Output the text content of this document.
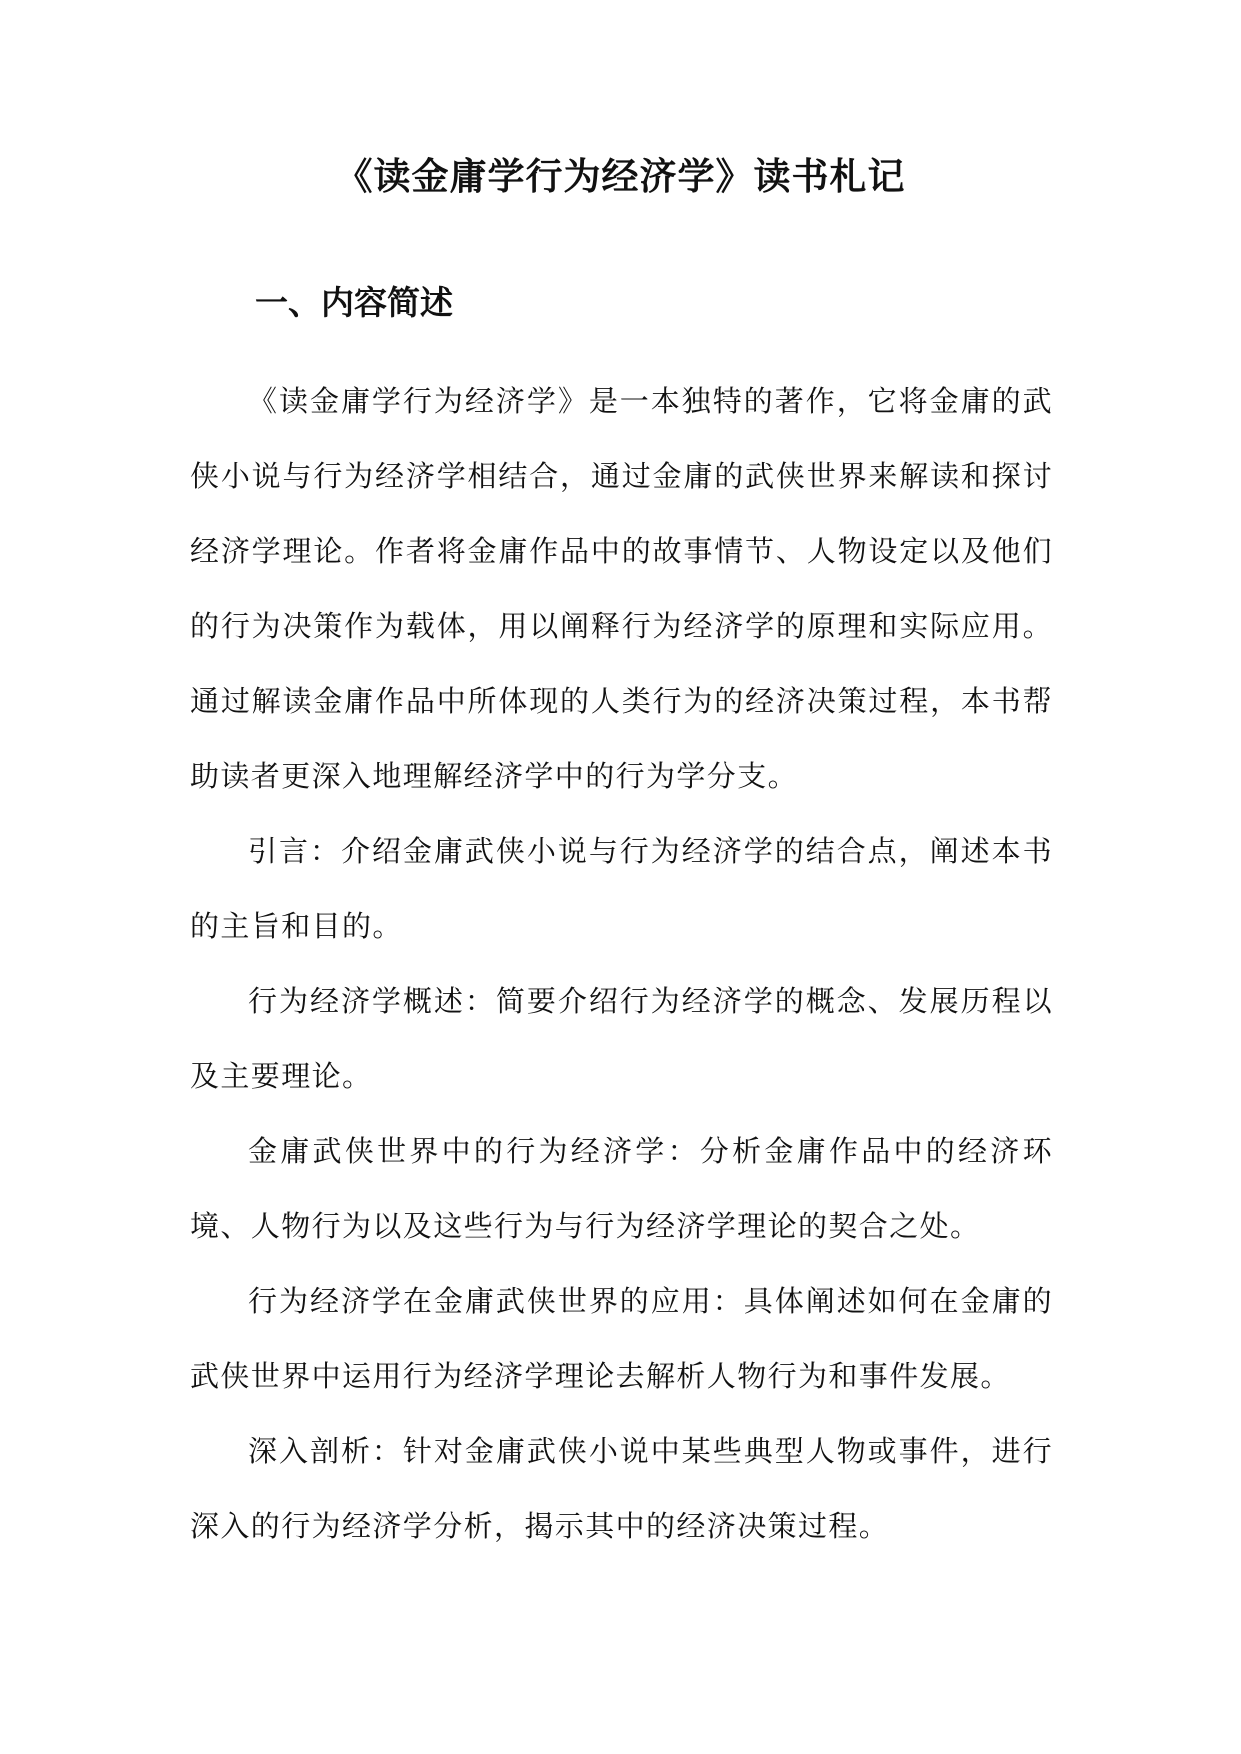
《读金庸学行为经济学》读书札记
一、内容简述

《读金庸学行为经济学》是一本独特的著作，它将金庸的武侠小说与行为经济学相结合，通过金庸的武侠世界来解读和探讨经济学理论。作者将金庸作品中的故事情节、人物设定以及他们的行为决策作为载体，用以阐释行为经济学的原理和实际应用。通过解读金庸作品中所体现的人类行为的经济决策过程，本书帮助读者更深入地理解经济学中的行为学分支。

引言：介绍金庸武侠小说与行为经济学的结合点，阐述本书的主旨和目的。

行为经济学概述：简要介绍行为经济学的概念、发展历程以及主要理论。

金庸武侠世界中的行为经济学：分析金庸作品中的经济环境、人物行为以及这些行为与行为经济学理论的契合之处。

行为经济学在金庸武侠世界的应用：具体阐述如何在金庸的武侠世界中运用行为经济学理论去解析人物行为和事件发展。

深入剖析：针对金庸武侠小说中某些典型人物或事件，进行深入的行为经济学分析，揭示其中的经济决策过程。
